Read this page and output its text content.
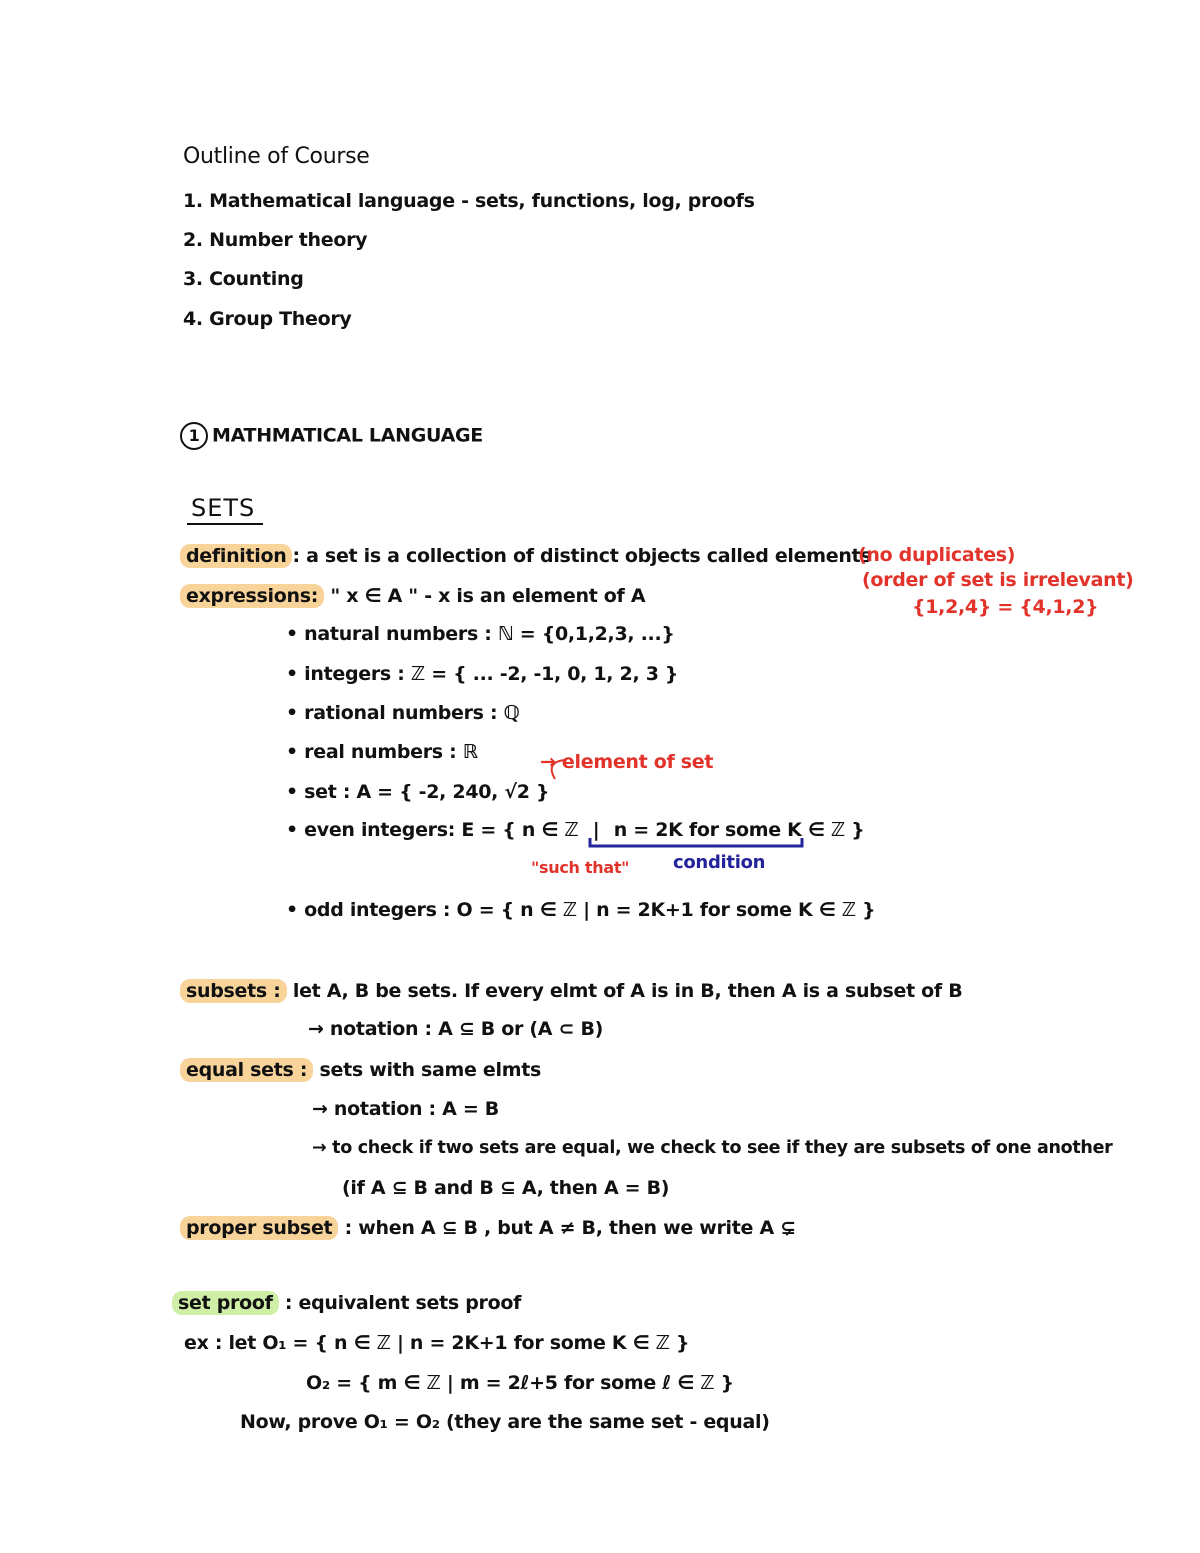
Outline of Course
1. Mathematical language - sets, functions, log, proofs
2. Number theory
3. Counting
4. Group Theory
1 MATHMATICAL LANGUAGE
SETS
definition : a set is a collection of distinct objects called elements
(no duplicates)
(order of set is irrelevant)
{1,2,4} = {4,1,2}
expressions: " x ∈ A " - x is an element of A
• natural numbers : ℕ = {0,1,2,3, ...}
• integers : ℤ = { ... -2, -1, 0, 1, 2, 3 }
• rational numbers : ℚ
• real numbers : ℝ	→ element of set
• set : A = { -2, 240, √2 }
• even integers: E = { n ∈ ℤ | n = 2K for some K ∈ ℤ }
"such that" condition
• odd integers : O = { n ∈ ℤ | n = 2K+1 for some K ∈ ℤ }
subsets : let A, B be sets. If every elmt of A is in B, then A is a subset of B
→ notation : A ⊆ B or (A ⊂ B)
equal sets : sets with same elmts
→ notation : A = B
→ to check if two sets are equal, we check to see if they are subsets of one another
(if A ⊆ B and B ⊆ A, then A = B)
proper subset : when A ⊆ B , but A ≠ B, then we write A ⊊
set proof : equivalent sets proof
ex : let O₁ = { n ∈ ℤ | n = 2K+1 for some K ∈ ℤ }
O₂ = { m ∈ ℤ | m = 2ℓ+5 for some ℓ ∈ ℤ }
Now, prove O₁ = O₂ (they are the same set - equal)
